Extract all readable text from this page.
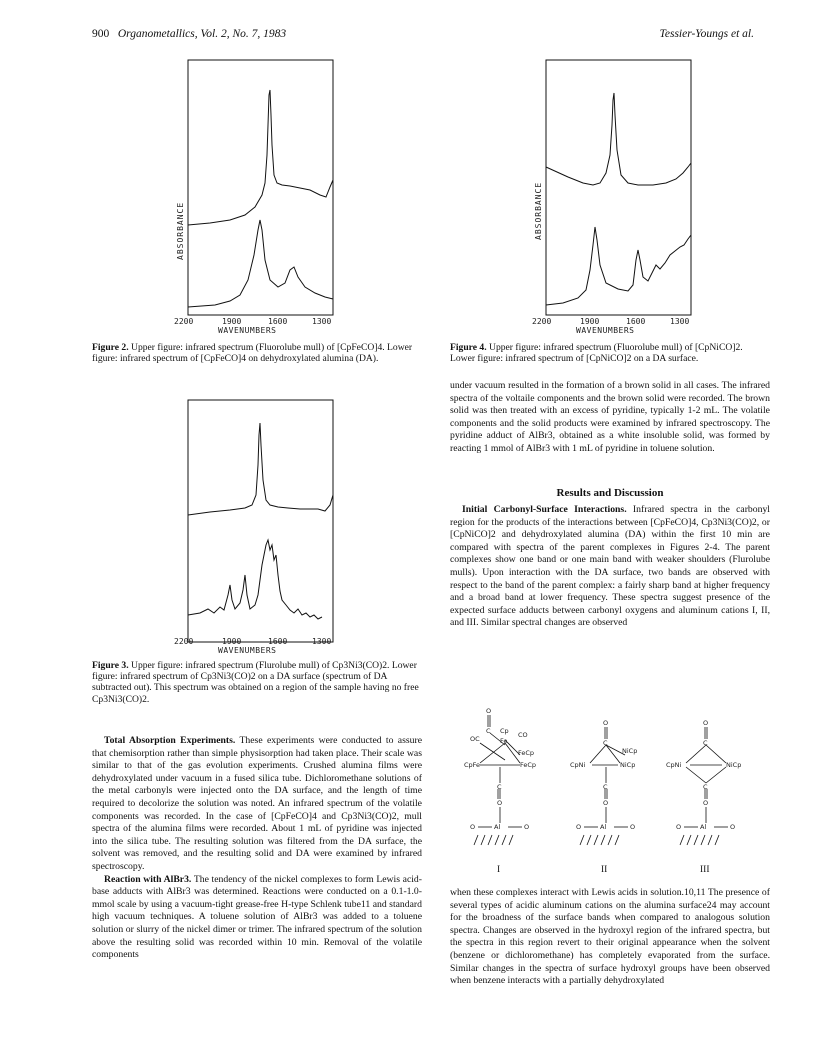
900 Organometallics, Vol. 2, No. 7, 1983	Tessier-Youngs et al.
ABSORBANCE
2200	1900	1600	1300
WAVENUMBERS
Figure 2. Upper figure: infrared spectrum (Fluorolube mull) of [CpFeCO]4. Lower figure: infrared spectrum of [CpFeCO]4 on dehydroxylated alumina (DA).
ABSORBANCE
2200	1900	1600	1300
WAVENUMBERS
Figure 4. Upper figure: infrared spectrum (Fluorolube mull) of [CpNiCO]2. Lower figure: infrared spectrum of [CpNiCO]2 on a DA surface.
2200	1900	1600	1300
WAVENUMBERS
Figure 3. Upper figure: infrared spectrum (Flurolube mull) of Cp3Ni3(CO)2. Lower figure: infrared spectrum of Cp3Ni3(CO)2 on a DA surface (spectrum of DA subtracted out). This spectrum was obtained on a region of the sample having no free Cp3Ni3(CO)2.

Total Absorption Experiments. These experiments were conducted to assure that chemisorption rather than simple physisorption had taken place. Their scale was similar to that of the gas evolution experiments. Crushed alumina films were dehydroxylated under vacuum in a fused silica tube. Dichloromethane solutions of the metal carbonyls were injected onto the DA surface, and the length of time required to decolorize the solution was noted. An infrared spectrum of the volatile components was recorded. In the case of [CpFeCO]4 and Cp3Ni3(CO)2, mull spectra of the alumina films were recorded. About 1 mL of pyridine was injected into the silica tube. The resulting solution was filtered from the DA surface, the solvent was removed, and the resulting solid and DA were examined by infrared spectroscopy.

Reaction with AlBr3. The tendency of the nickel complexes to form Lewis acid-base adducts with AlBr3 was determined. Reactions were conducted on a 0.1-1.0-mmol scale by using a vacuum-tight grease-free H-type Schlenk tube11 and standard high vacuum techniques. A toluene solution of AlBr3 was added to a toluene solution or slurry of the nickel dimer or trimer. The infrared spectrum of the solution above the resulting solid was recorded within 10 min. Removal of the volatile components

under vacuum resulted in the formation of a brown solid in all cases. The infrared spectra of the voltaile components and the brown solid were recorded. The brown solid was then treated with an excess of pyridine, typically 1-2 mL. The volatile components and the solid products were examined by infrared spectroscopy. The pyridine adduct of AlBr3, obtained as a white insoluble solid, was formed by reacting 1 mmol of AlBr3 with 1 mL of pyridine in toluene solution.

Results and Discussion

Initial Carbonyl-Surface Interactions. Infrared spectra in the carbonyl region for the products of the interactions between [CpFeCO]4, Cp3Ni3(CO)2, or [CpNiCO]2 and dehydroxylated alumina (DA) within the first 10 min are compared with spectra of the parent complexes in Figures 2-4. The parent complexes show one band or one main band with weaker shoulders (Flurolube mulls). Upon interaction with the DA surface, two bands are observed with respect to the band of the parent complex: a fairly sharp band at higher frequency and a broad band at lower frequency. These spectra suggest presence of the expected surface adducts between carbonyl oxygens and aluminum cations I, II, and III. Similar spectral changes are observed

O
C
OC
Cp
Fe
CO
FeCp
CpFe	FeCp
C
O
O	Al	O
O
C
NiCp
CpNi	NiCp
C
O
O	Al	O
O
C
CpNi	NiCp
C
O
O	Al	O
I	II	III

when these complexes interact with Lewis acids in solution.10,11 The presence of several types of acidic aluminum cations on the alumina surface24 may account for the broadness of the surface bands when compared to analogous solution spectra. Changes are observed in the hydroxyl region of the infrared spectra, but the spectra in this region revert to their original appearance when the solvent (benzene or dichloromethane) has completely evaporated from the surface. Similar changes in the spectra of surface hydroxyl groups have been observed when benzene interacts with a partially dehydroxylated
